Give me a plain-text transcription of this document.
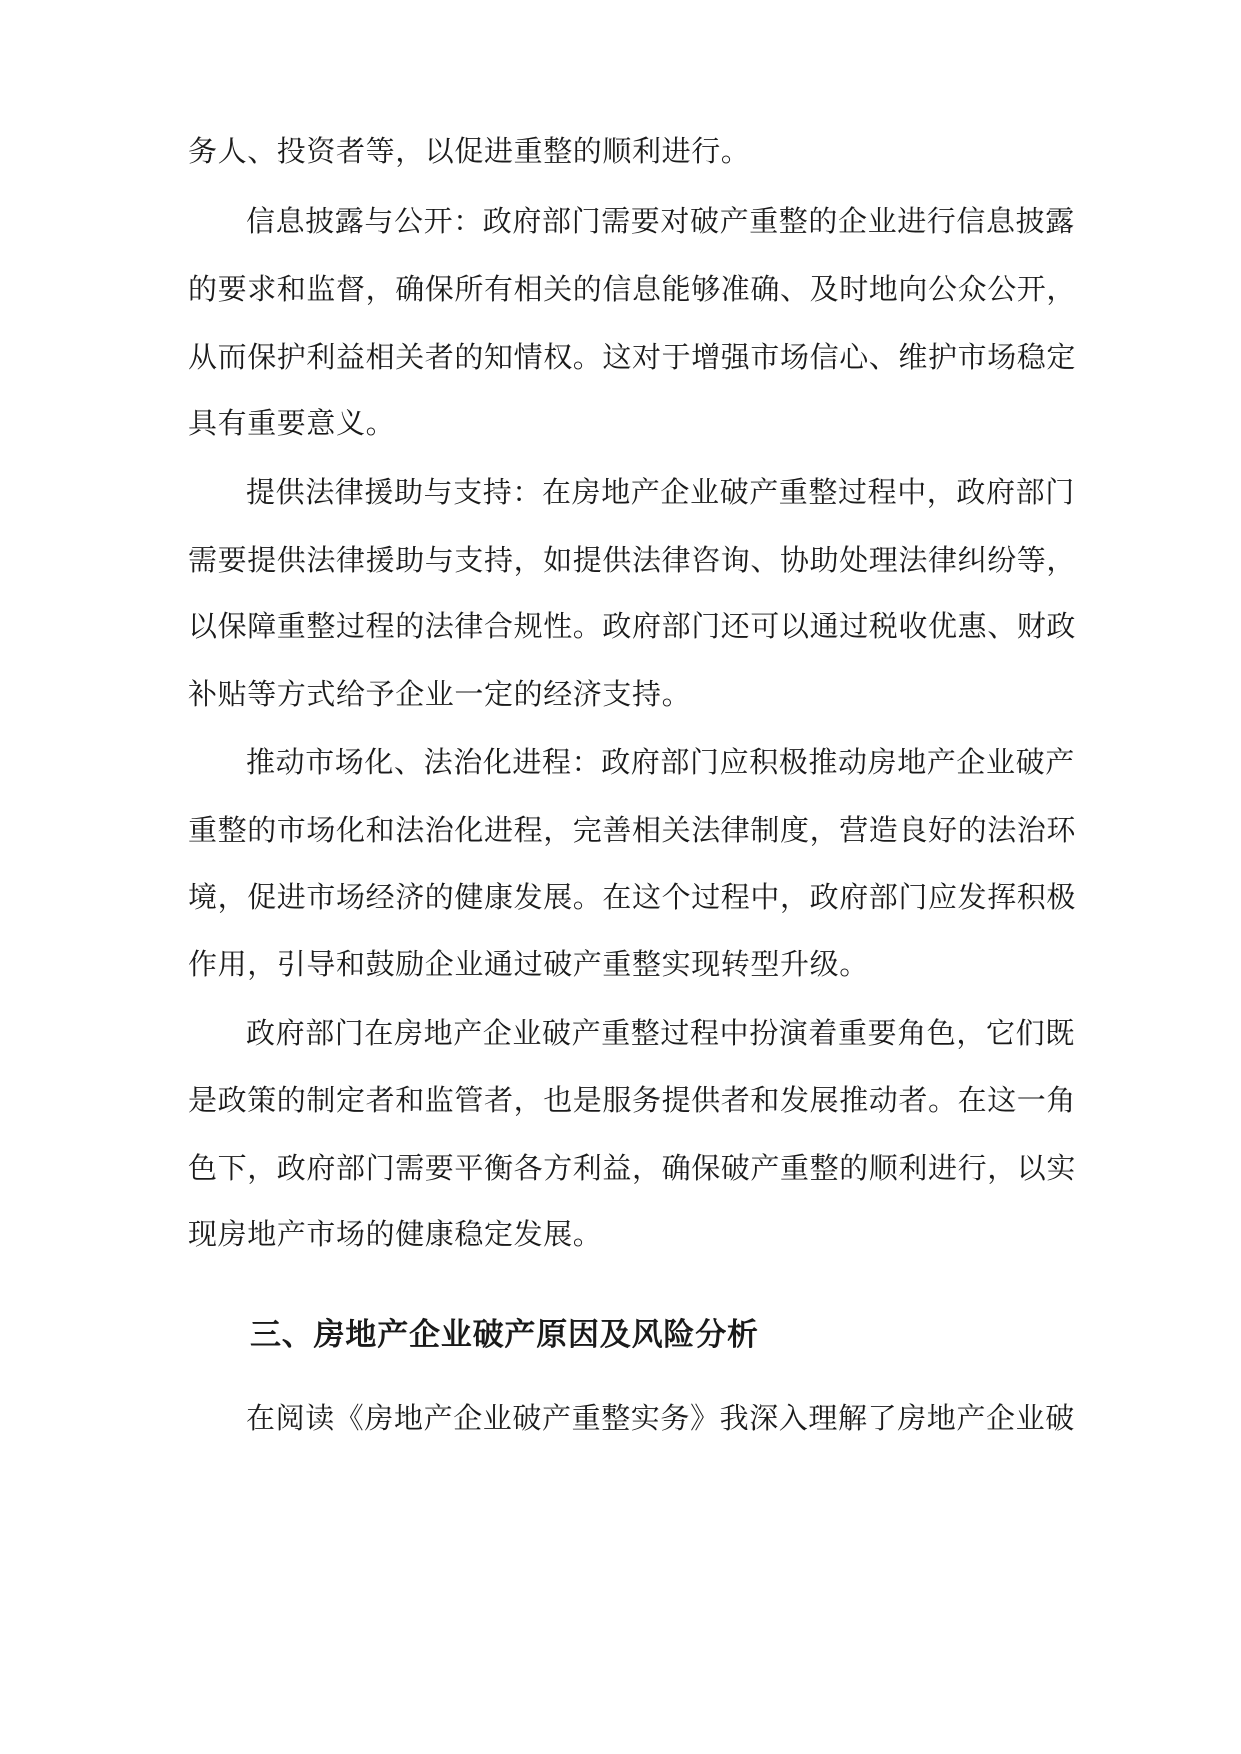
务人、投资者等，以促进重整的顺利进行。
信息披露与公开：政府部门需要对破产重整的企业进行信息披露
的要求和监督，确保所有相关的信息能够准确、及时地向公众公开，
从而保护利益相关者的知情权。这对于增强市场信心、维护市场稳定
具有重要意义。
提供法律援助与支持：在房地产企业破产重整过程中，政府部门
需要提供法律援助与支持，如提供法律咨询、协助处理法律纠纷等，
以保障重整过程的法律合规性。政府部门还可以通过税收优惠、财政
补贴等方式给予企业一定的经济支持。
推动市场化、法治化进程：政府部门应积极推动房地产企业破产
重整的市场化和法治化进程，完善相关法律制度，营造良好的法治环
境，促进市场经济的健康发展。在这个过程中，政府部门应发挥积极
作用，引导和鼓励企业通过破产重整实现转型升级。
政府部门在房地产企业破产重整过程中扮演着重要角色，它们既
是政策的制定者和监管者，也是服务提供者和发展推动者。在这一角
色下，政府部门需要平衡各方利益，确保破产重整的顺利进行，以实
现房地产市场的健康稳定发展。
三、房地产企业破产原因及风险分析
在阅读《房地产企业破产重整实务》我深入理解了房地产企业破
